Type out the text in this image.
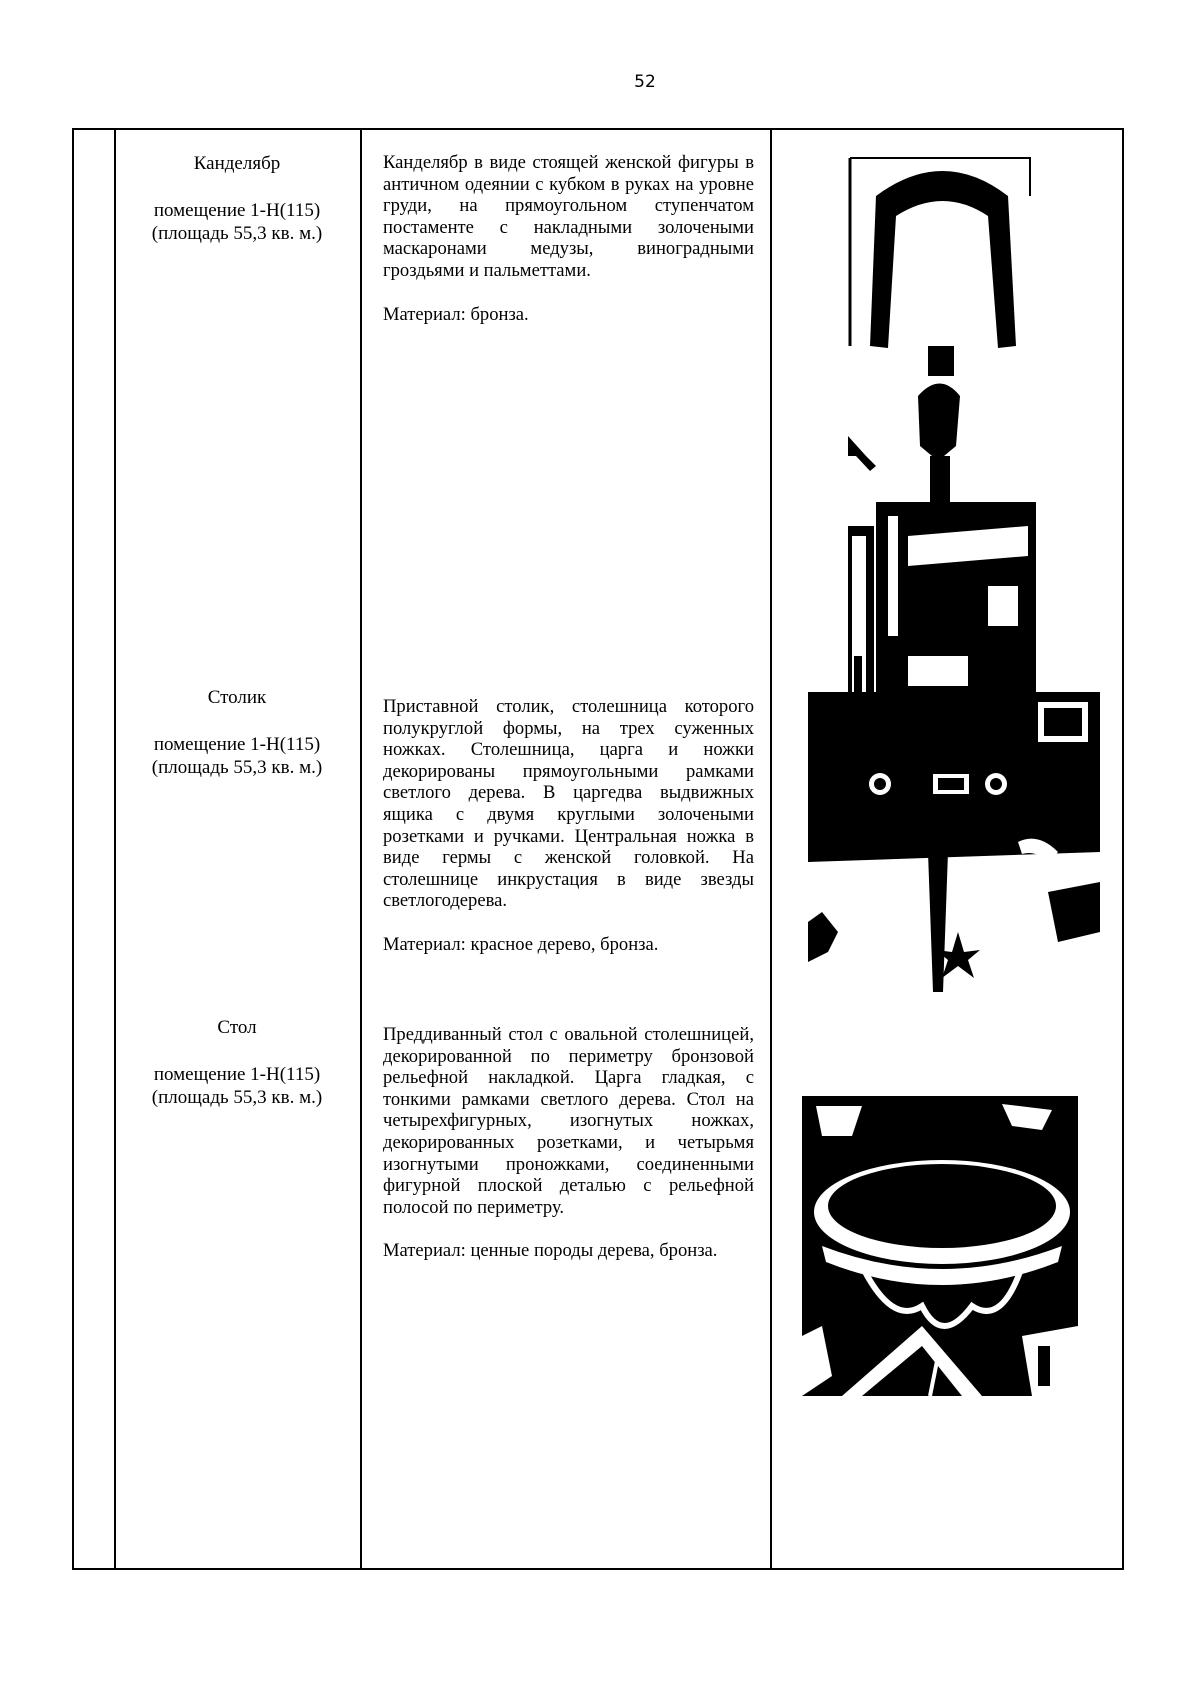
52
Канделябр
помещение 1-Н(115)
(площадь 55,3 кв. м.)

Канделябр в виде стоящей женской фигуры в античном одеянии с кубком в руках на уровне груди, на прямоугольном ступенчатом постаменте с накладными золочеными маскаронами медузы, виноградными гроздьями и пальметтами.

Материал: бронза.

Столик
помещение 1-Н(115)
(площадь 55,3 кв. м.)

Приставной столик, столешница которого полукруглой формы, на трех суженных ножках. Столешница, царга и ножки декорированы прямоугольными рамками светлого дерева. В царгедва выдвижных ящика с двумя круглыми золочеными розетками и ручками. Центральная ножка в виде гермы с женской головкой. На столешнице инкрустация в виде звезды светлогодерева.

Материал: красное дерево, бронза.

Стол
помещение 1-Н(115)
(площадь 55,3 кв. м.)

Преддиванный стол с овальной столешницей, декорированной по периметру бронзовой рельефной накладкой. Царга гладкая, с тонкими рамками светлого дерева. Стол на четырехфигурных, изогнутых ножках, декорированных розетками, и четырьмя изогнутыми проножками, соединенными фигурной плоской деталью с рельефной полосой по периметру.

Материал: ценные породы дерева, бронза.
